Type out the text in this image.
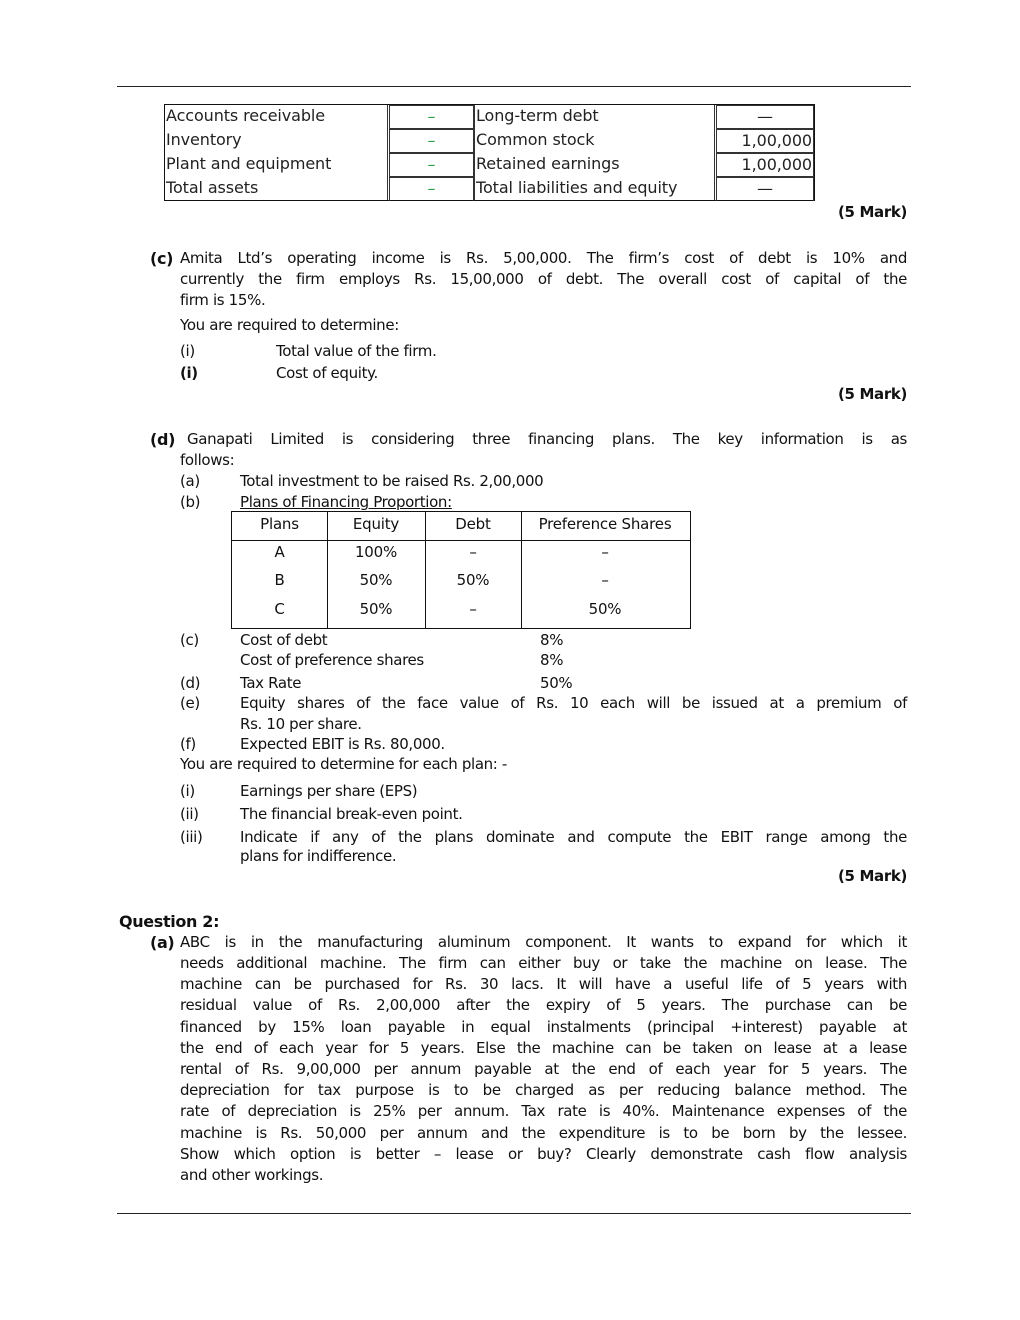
Accounts receivable	–	Long-term debt	—
Inventory	–	Common stock	1,00,000
Plant and equipment	–	Retained earnings	1,00,000
Total assets	–	Total liabilities and equity	—
(5 Mark)
(c) Amita Ltd’s operating income is Rs. 5,00,000. The firm’s cost of debt is 10% and
currently the firm employs Rs. 15,00,000 of debt. The overall cost of capital of the
firm is 15%.
You are required to determine:
(i)	Total value of the firm.
(i)	Cost of equity.
(5 Mark)
(d) Ganapati Limited is considering three financing plans. The key information is as
follows:
(a)	Total investment to be raised Rs. 2,00,000
(b)	Plans of Financing Proportion:
Plans	Equity	Debt	Preference Shares
A	100%	–	–
B	50%	50%	–
C	50%	–	50%
(c)	Cost of debt	8%
Cost of preference shares	8%
(d)	Tax Rate	50%
(e)	Equity shares of the face value of Rs. 10 each will be issued at a premium of
Rs. 10 per share.
(f)	Expected EBIT is Rs. 80,000.
You are required to determine for each plan: -
(i)	Earnings per share (EPS)
(ii)	The financial break-even point.
(iii)	Indicate if any of the plans dominate and compute the EBIT range among the
plans for indifference.
(5 Mark)
Question 2:
(a) ABC is in the manufacturing aluminum component. It wants to expand for which it
needs additional machine. The firm can either buy or take the machine on lease. The
machine can be purchased for Rs. 30 lacs. It will have a useful life of 5 years with
residual value of Rs. 2,00,000 after the expiry of 5 years. The purchase can be
financed by 15% loan payable in equal instalments (principal +interest) payable at
the end of each year for 5 years. Else the machine can be taken on lease at a lease
rental of Rs. 9,00,000 per annum payable at the end of each year for 5 years. The
depreciation for tax purpose is to be charged as per reducing balance method. The
rate of depreciation is 25% per annum. Tax rate is 40%. Maintenance expenses of the
machine is Rs. 50,000 per annum and the expenditure is to be born by the lessee.
Show which option is better – lease or buy? Clearly demonstrate cash flow analysis
and other workings.
